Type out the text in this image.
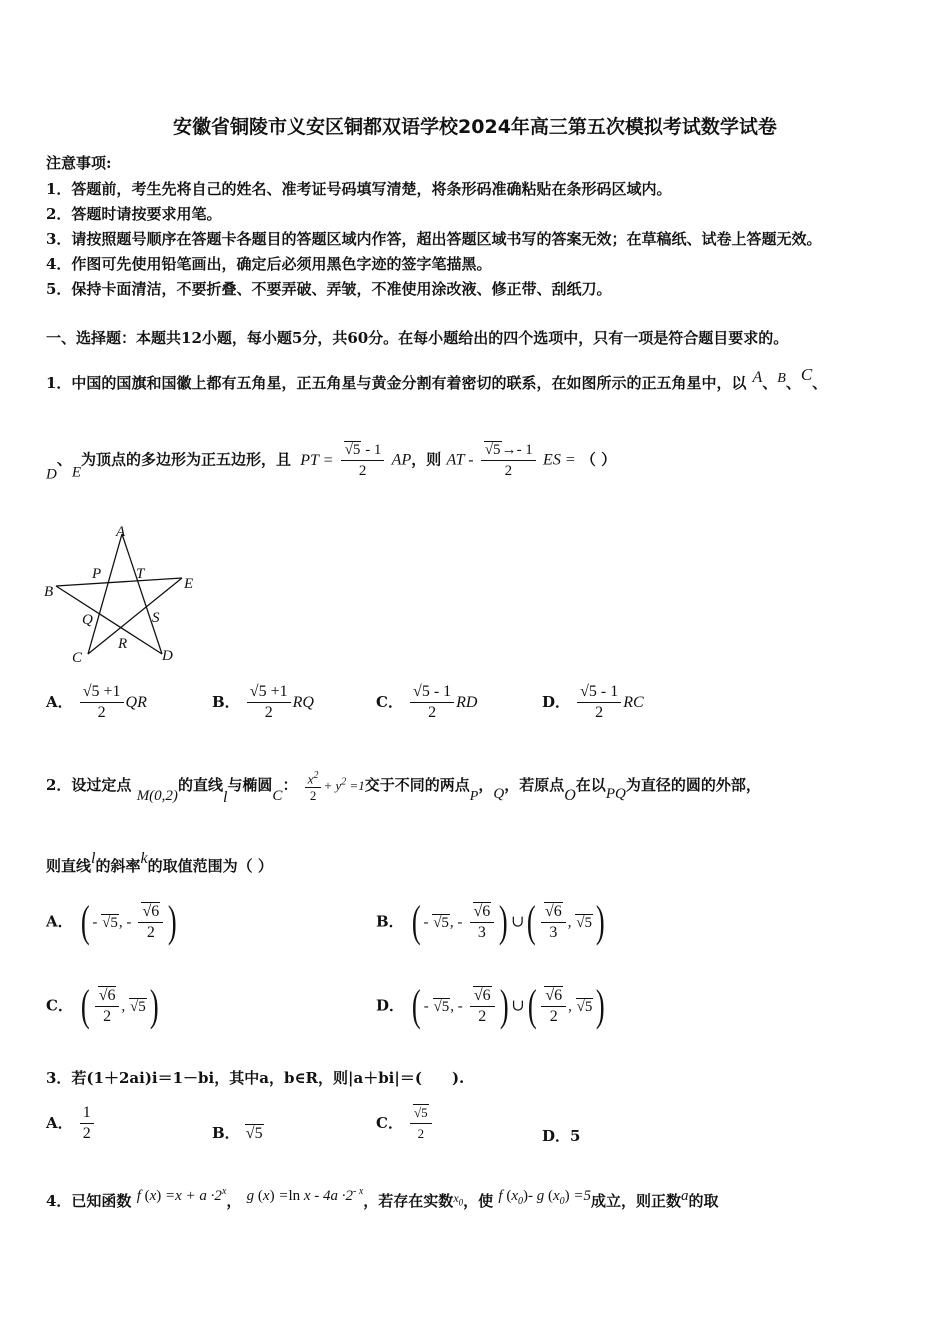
安徽省铜陵市义安区铜都双语学校2024年高三第五次模拟考试数学试卷
注意事项:
1．答题前，考生先将自己的姓名、准考证号码填写清楚，将条形码准确粘贴在条形码区域内。
2．答题时请按要求用笔。
3．请按照题号顺序在答题卡各题目的答题区域内作答，超出答题区域书写的答案无效；在草稿纸、试卷上答题无效。
4．作图可先使用铅笔画出，确定后必须用黑色字迹的签字笔描黑。
5．保持卡面清洁，不要折叠、不要弄破、弄皱，不准使用涂改液、修正带、刮纸刀。
一、选择题：本题共12小题，每小题5分，共60分。在每小题给出的四个选项中，只有一项是符合题目要求的。
1．中国的国旗和国徽上都有五角星，正五角星与黄金分割有着密切的联系，在如图所示的正五角星中，以 A、B、C、
D、E为顶点的多边形为正五边形，且 PT = $\frac{√5 - 1}{2}$ AP，则 AT - $\frac{√5\to- 1}{2}$ ES = （ ）
A
B
C	D
E
P T
Q
R
S
A． $\frac{√5 +1}{2}$ QR	B． $\frac{√5 +1}{2}$ RQ	C． $\frac{√5 - 1}{2}$ RD	D． $\frac{√5 - 1}{2}$ RC
2．设过定点 M(0,2)的直线l与椭圆C： $\frac{x^2}{2} + y^2 =1$交于不同的两点P，Q，若原点O在以PQ为直径的圆的外部，
则直线l的斜率k的取值范围为（ ）
A． ( - √5, - $\frac{√6}{2}$ )	B． ( - √5, - $\frac{√6}{3}$ ) ∪( $\frac{√6}{3}$ , √5)
C． ( $\frac{√6}{2}$ , √5)	D． ( - √5, - $\frac{√6}{2}$ ) ∪( $\frac{√6}{2}$ , √5)
3．若(1＋2ai)i＝1－bi，其中a，b∈R，则|a＋bi|＝(　　).
A． $\frac{1}{2}$	B． √5
C． $\frac{√5}{2}$	D．5
4．已知函数 f $(x) =x + a \cdot 2^x$， g (x) =ln $x - 4a \cdot 2^{- x}$，若存在实数$^{x_0}$，使 f $(x_0)-$ g $(x_0) =5$成立，则正数a的取
